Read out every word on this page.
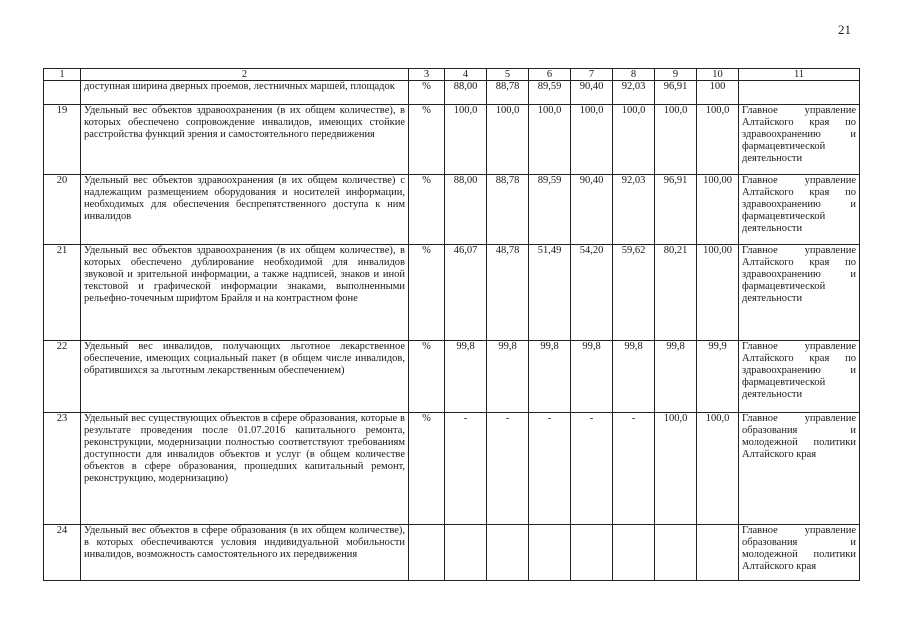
21
1	2	3	4	5	6	7	8	9	10	11
	доступная ширина дверных проемов, лестничных маршей, площадок	%	88,00	88,78	89,59	90,40	92,03	96,91	100	
19	Удельный вес объектов здравоохранения (в их общем количестве), в которых обеспечено сопровождение инвалидов, имеющих стойкие расстройства функций зрения и самостоятельного передвижения	%	100,0	100,0	100,0	100,0	100,0	100,0	100,0	Главное управление Алтайского края по здравоохранению и фармацевтической деятельности
20	Удельный вес объектов здравоохранения (в их общем количестве) с надлежащим размещением оборудования и носителей информации, необходимых для обеспечения беспрепятственного доступа к ним инвалидов	%	88,00	88,78	89,59	90,40	92,03	96,91	100,00	Главное управление Алтайского края по здравоохранению и фармацевтической деятельности
21	Удельный вес объектов здравоохранения (в их общем количестве), в которых обеспечено дублирование необходимой для инвалидов звуковой и зрительной информации, а также надписей, знаков и иной текстовой и графической информации знаками, выполненными рельефно-точечным шрифтом Брайля и на контрастном фоне	%	46,07	48,78	51,49	54,20	59,62	80,21	100,00	Главное управление Алтайского края по здравоохранению и фармацевтической деятельности
22	Удельный вес инвалидов, получающих льготное лекарственное обеспечение, имеющих социальный пакет (в общем числе инвалидов, обратившихся за льготным лекарственным обеспечением)	%	99,8	99,8	99,8	99,8	99,8	99,8	99,9	Главное управление Алтайского края по здравоохранению и фармацевтической деятельности
23	Удельный вес существующих объектов в сфере образования, которые в результате проведения после 01.07.2016 капитального ремонта, реконструкции, модернизации полностью соответствуют требованиям доступности для инвалидов объектов и услуг (в общем количестве объектов в сфере образования, прошедших капитальный ремонт, реконструкцию, модернизацию)	%	-	-	-	-	-	100,0	100,0	Главное управление образования и молодежной политики Алтайского края
24	Удельный вес объектов в сфере образования (в их общем количестве), в которых обеспечиваются условия индивидуальной мобильности инвалидов, возможность самостоятельного их передвижения									Главное управление образования и молодежной политики Алтайского края
